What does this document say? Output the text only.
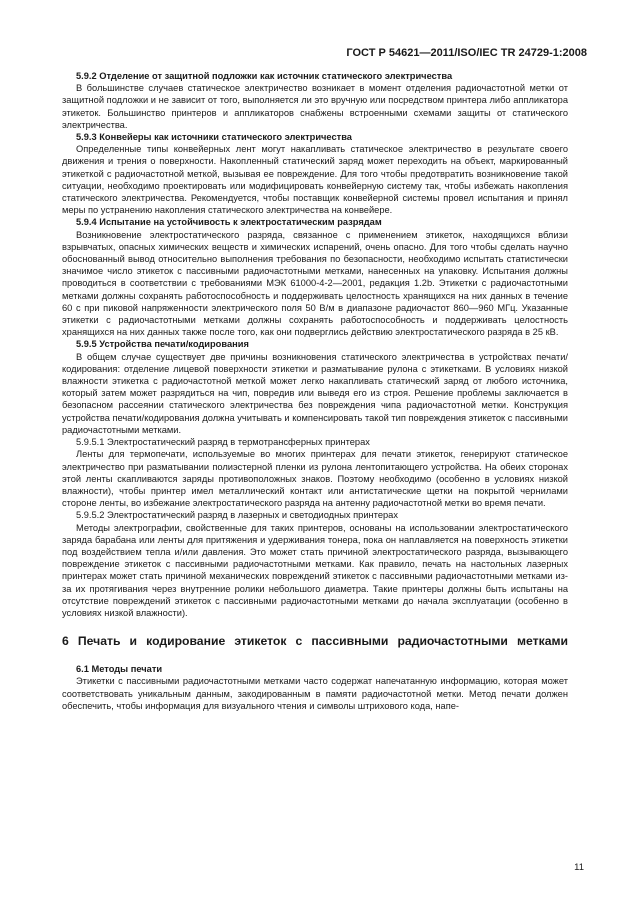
ГОСТ Р 54621—2011/ISO/IEC TR 24729-1:2008
5.9.2 Отделение от защитной подложки как источник статического электричества

В большинстве случаев статическое электричество возникает в момент отделения радиочастотной метки от защитной подложки и не зависит от того, выполняется ли это вручную или посредством принтера либо аппликатора этикеток. Большинство принтеров и аппликаторов снабжены встроенными схемами защиты от статического электричества.

5.9.3 Конвейеры как источники статического электричества

Определенные типы конвейерных лент могут накапливать статическое электричество в результате своего движения и трения о поверхности. Накопленный статический заряд может переходить на объект, маркированный этикеткой с радиочастотной меткой, вызывая ее повреждение. Для того чтобы предотвратить возникновение такой ситуации, необходимо проектировать или модифицировать конвейерную систему так, чтобы избежать накопления статического электричества. Рекомендуется, чтобы поставщик конвейерной системы провел испытания и принял меры по устранению накопления статического электричества на конвейере.

5.9.4 Испытание на устойчивость к электростатическим разрядам

Возникновение электростатического разряда, связанное с применением этикеток, находящихся вблизи взрывчатых, опасных химических веществ и химических испарений, очень опасно. Для того чтобы сделать научно обоснованный вывод относительно выполнения требования по безопасности, необходимо испытать статистически значимое число этикеток с пассивными радиочастотными метками, нанесенных на упаковку. Испытания должны проводиться в соответствии с требованиями МЭК 61000-4-2—2001, редакция 1.2b. Этикетки с радиочастотными метками должны сохранять работоспособность и поддерживать целостность хранящихся на них данных в течение 60 с при пиковой напряженности электрического поля 50 В/м в диапазоне радиочастот 860—960 МГц. Указанные этикетки с радиочастотными метками должны сохранять работоспособность и поддерживать целостность хранящихся на них данных также после того, как они подверглись действию электростатического разряда в 25 кВ.

5.9.5 Устройства печати/кодирования

В общем случае существует две причины возникновения статического электричества в устройствах печати/кодирования: отделение лицевой поверхности этикетки и разматывание рулона с этикетками. В условиях низкой влажности этикетка с радиочастотной меткой может легко накапливать статический заряд от любого источника, который затем может разрядиться на чип, повредив или выведя его из строя. Решение проблемы заключается в безопасном рассеянии статического электричества без повреждения чипа радиочастотной метки. Конструкция устройства печати/кодирования должна учитывать и компенсировать такой тип повреждения этикеток с пассивными радиочастотными метками.

5.9.5.1 Электростатический разряд в термотрансферных принтерах

Ленты для термопечати, используемые во многих принтерах для печати этикеток, генерируют статическое электричество при разматывании полиэстерной пленки из рулона лентопитающего устройства. На обеих сторонах этой ленты скапливаются заряды противоположных знаков. Поэтому необходимо (особенно в условиях низкой влажности), чтобы принтер имел металлический контакт или антистатические щетки на покрытой чернилами стороне ленты, во избежание электростатического разряда на антенну радиочастотной метки во время печати.

5.9.5.2 Электростатический разряд в лазерных и светодиодных принтерах

Методы электрографии, свойственные для таких принтеров, основаны на использовании электростатического заряда барабана или ленты для притяжения и удерживания тонера, пока он наплавляется на поверхность этикетки под воздействием тепла и/или давления. Это может стать причиной электростатического разряда, вызывающего повреждение этикеток с пассивными радиочастотными метками. Как правило, печать на настольных лазерных принтерах может стать причиной механических повреждений этикеток с пассивными радиочастотными метками из-за их протягивания через внутренние ролики небольшого диаметра. Такие принтеры должны быть испытаны на отсутствие повреждений этикеток с пассивными радиочастотными метками до начала эксплуатации (особенно в условиях низкой влажности).

6 Печать и кодирование этикеток с пассивными радиочастотными метками
6.1 Методы печати

Этикетки с пассивными радиочастотными метками часто содержат напечатанную информацию, которая может соответствовать уникальным данным, закодированным в памяти радиочастотной метки. Метод печати должен обеспечить, чтобы информация для визуального чтения и символы штрихового кода, напе-

11
